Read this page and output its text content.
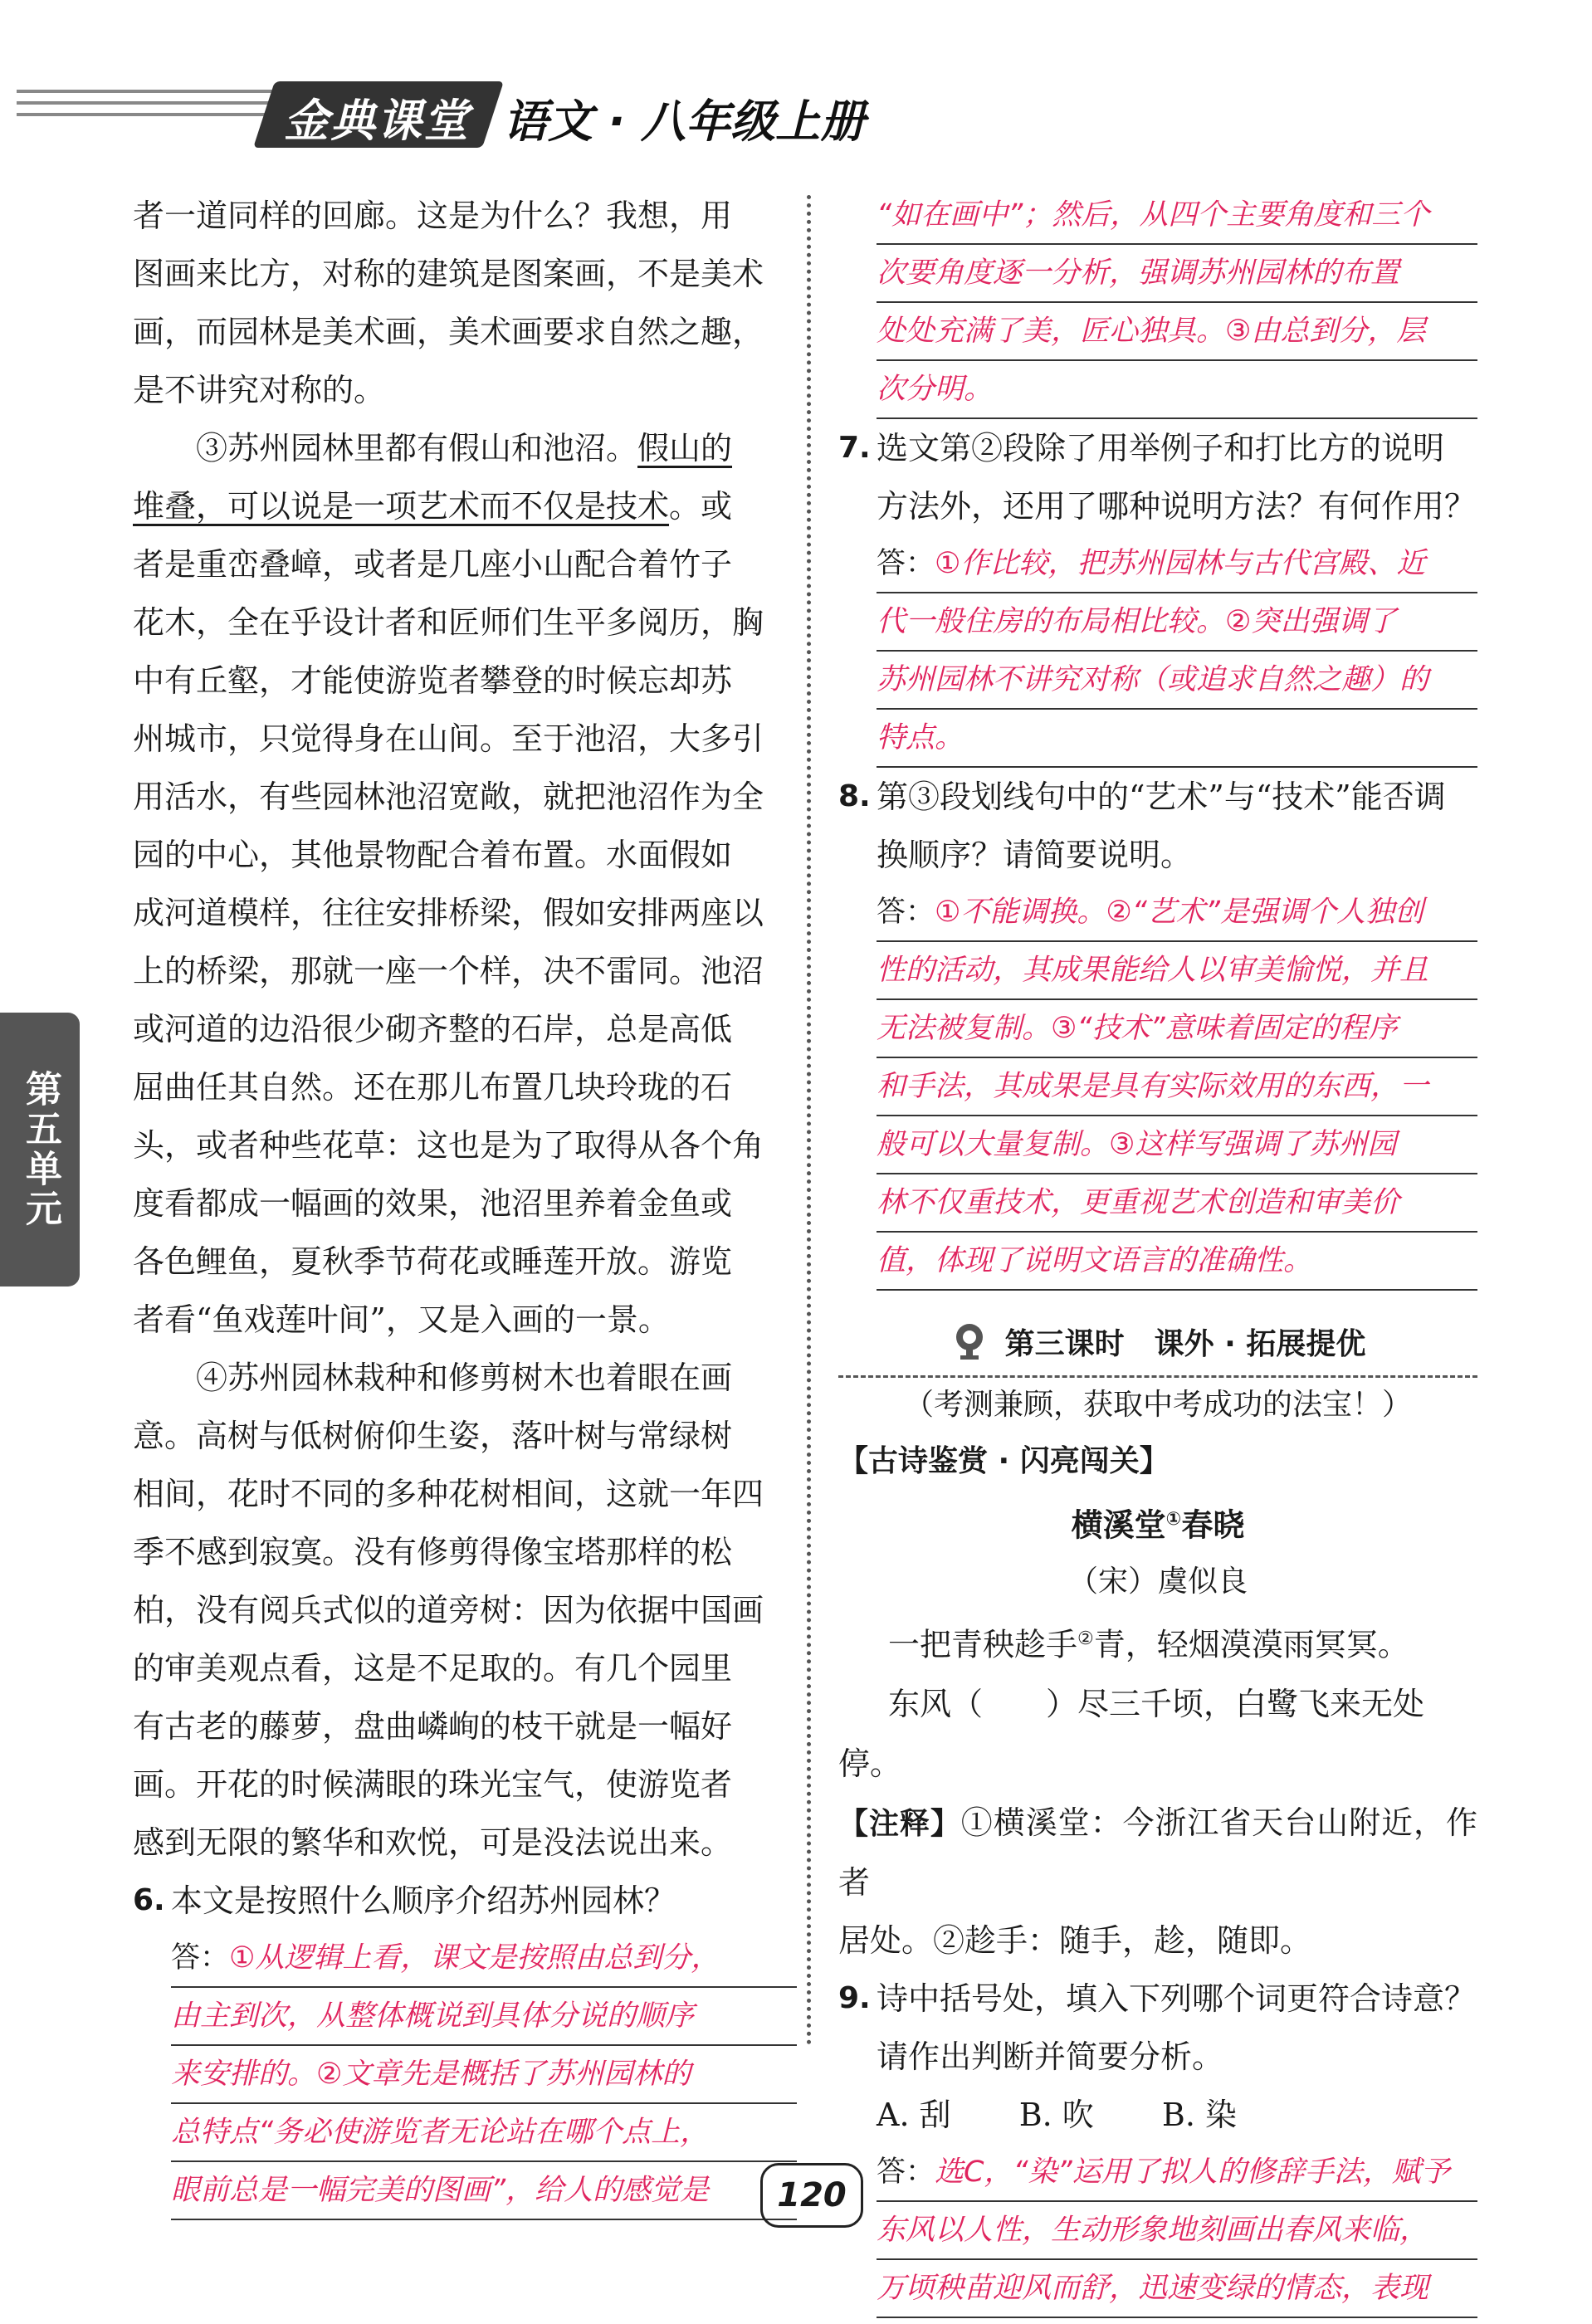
金典课堂 语文 · 八年级上册
第五单元
者一道同样的回廊。这是为什么？我想，用
图画来比方，对称的建筑是图案画，不是美术
画，而园林是美术画，美术画要求自然之趣，
是不讲究对称的。
③苏州园林里都有假山和池沼。假山的
堆叠，可以说是一项艺术而不仅是技术。或
者是重峦叠嶂，或者是几座小山配合着竹子
花木，全在乎设计者和匠师们生平多阅历，胸
中有丘壑，才能使游览者攀登的时候忘却苏
州城市，只觉得身在山间。至于池沼，大多引
用活水，有些园林池沼宽敞，就把池沼作为全
园的中心，其他景物配合着布置。水面假如
成河道模样，往往安排桥梁，假如安排两座以
上的桥梁，那就一座一个样，决不雷同。池沼
或河道的边沿很少砌齐整的石岸，总是高低
屈曲任其自然。还在那儿布置几块玲珑的石
头，或者种些花草：这也是为了取得从各个角
度看都成一幅画的效果，池沼里养着金鱼或
各色鲤鱼，夏秋季节荷花或睡莲开放。游览
者看“鱼戏莲叶间”，又是入画的一景。
④苏州园林栽种和修剪树木也着眼在画
意。高树与低树俯仰生姿，落叶树与常绿树
相间，花时不同的多种花树相间，这就一年四
季不感到寂寞。没有修剪得像宝塔那样的松
柏，没有阅兵式似的道旁树：因为依据中国画
的审美观点看，这是不足取的。有几个园里
有古老的藤萝，盘曲嶙峋的枝干就是一幅好
画。开花的时候满眼的珠光宝气，使游览者
感到无限的繁华和欢悦，可是没法说出来。
6. 本文是按照什么顺序介绍苏州园林？
答：①从逻辑上看，课文是按照由总到分，
由主到次，从整体概说到具体分说的顺序
来安排的。②文章先是概括了苏州园林的
总特点“务必使游览者无论站在哪个点上，
眼前总是一幅完美的图画”，给人的感觉是
“如在画中”；然后，从四个主要角度和三个
次要角度逐一分析，强调苏州园林的布置
处处充满了美，匠心独具。③由总到分，层
次分明。
7. 选文第②段除了用举例子和打比方的说明
方法外，还用了哪种说明方法？有何作用？
答：①作比较，把苏州园林与古代宫殿、近
代一般住房的布局相比较。②突出强调了
苏州园林不讲究对称（或追求自然之趣）的
特点。
8. 第③段划线句中的“艺术”与“技术”能否调
换顺序？请简要说明。
答：①不能调换。②“艺术”是强调个人独创
性的活动，其成果能给人以审美愉悦，并且
无法被复制。③“技术”意味着固定的程序
和手法，其成果是具有实际效用的东西，一
般可以大量复制。③这样写强调了苏州园
林不仅重技术，更重视艺术创造和审美价
值，体现了说明文语言的准确性。
第三课时　课外 · 拓展提优
（考测兼顾，获取中考成功的法宝！）
【古诗鉴赏 · 闪亮闯关】
横溪堂①春晓
（宋）虞似良
一把青秧趁手②青，轻烟漠漠雨冥冥。
东风（　　）尽三千顷，白鹭飞来无处停。
【注释】①横溪堂：今浙江省天台山附近，作者
居处。②趁手：随手，趁，随即。
9. 诗中括号处，填入下列哪个词更符合诗意？
请作出判断并简要分析。
A. 刮 B. 吹 B. 染
答：选C，“染”运用了拟人的修辞手法，赋予
东风以人性，生动形象地刻画出春风来临，
万顷秧苗迎风而舒，迅速变绿的情态，表现
120
